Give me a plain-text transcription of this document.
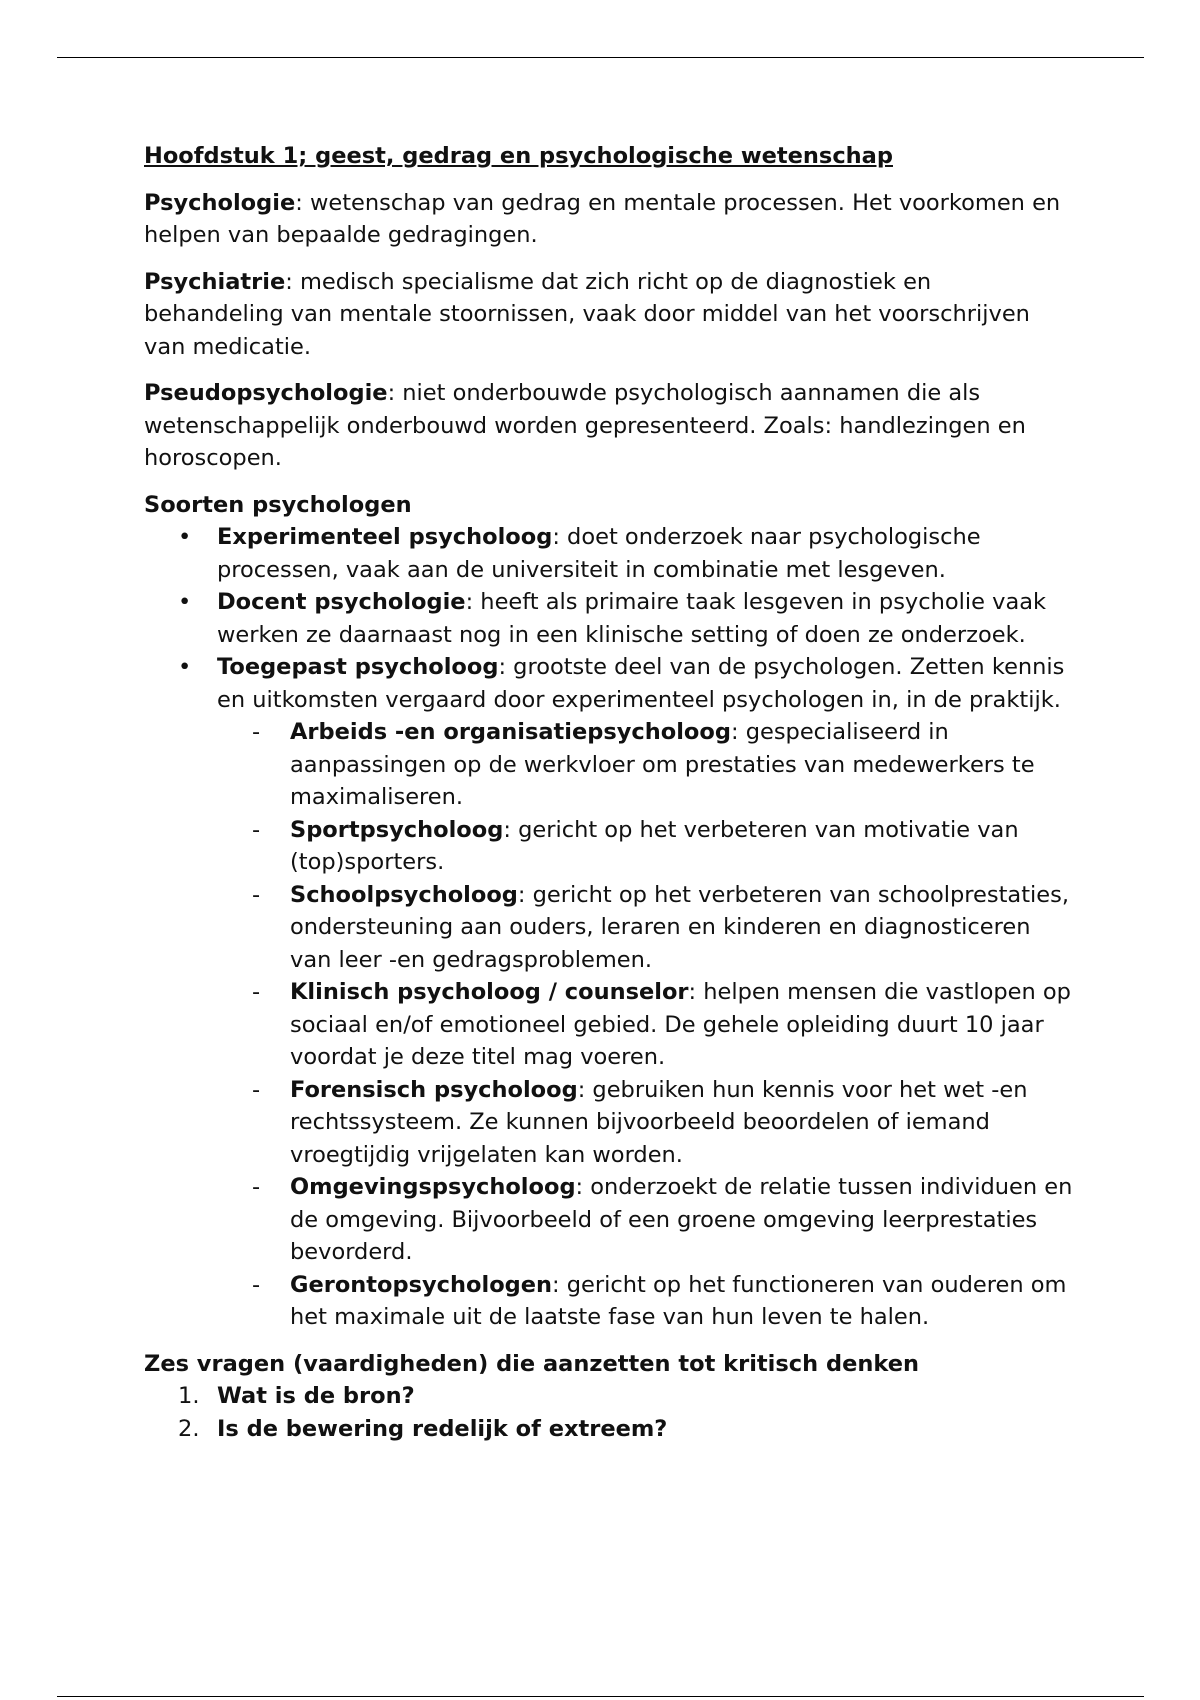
Hoofdstuk 1; geest, gedrag en psychologische wetenschap

Psychologie: wetenschap van gedrag en mentale processen. Het voorkomen en helpen van bepaalde gedragingen.

Psychiatrie: medisch specialisme dat zich richt op de diagnostiek en behandeling van mentale stoornissen, vaak door middel van het voorschrijven van medicatie.

Pseudopsychologie: niet onderbouwde psychologisch aannamen die als wetenschappelijk onderbouwd worden gepresenteerd. Zoals: handlezingen en horoscopen.

Soorten psychologen
• Experimenteel psycholoog: doet onderzoek naar psychologische processen, vaak aan de universiteit in combinatie met lesgeven.
• Docent psychologie: heeft als primaire taak lesgeven in psycholie vaak werken ze daarnaast nog in een klinische setting of doen ze onderzoek.
• Toegepast psycholoog: grootste deel van de psychologen. Zetten kennis en uitkomsten vergaard door experimenteel psychologen in, in de praktijk.
- Arbeids -en organisatiepsycholoog: gespecialiseerd in aanpassingen op de werkvloer om prestaties van medewerkers te maximaliseren.
- Sportpsycholoog: gericht op het verbeteren van motivatie van (top)sporters.
- Schoolpsycholoog: gericht op het verbeteren van schoolprestaties, ondersteuning aan ouders, leraren en kinderen en diagnosticeren van leer -en gedragsproblemen.
- Klinisch psycholoog / counselor: helpen mensen die vastlopen op sociaal en/of emotioneel gebied. De gehele opleiding duurt 10 jaar voordat je deze titel mag voeren.
- Forensisch psycholoog: gebruiken hun kennis voor het wet -en rechtssysteem. Ze kunnen bijvoorbeeld beoordelen of iemand vroegtijdig vrijgelaten kan worden.
- Omgevingspsycholoog: onderzoekt de relatie tussen individuen en de omgeving. Bijvoorbeeld of een groene omgeving leerprestaties bevorderd.
- Gerontopsychologen: gericht op het functioneren van ouderen om het maximale uit de laatste fase van hun leven te halen.
Zes vragen (vaardigheden) die aanzetten tot kritisch denken
1. Wat is de bron?
2. Is de bewering redelijk of extreem?
